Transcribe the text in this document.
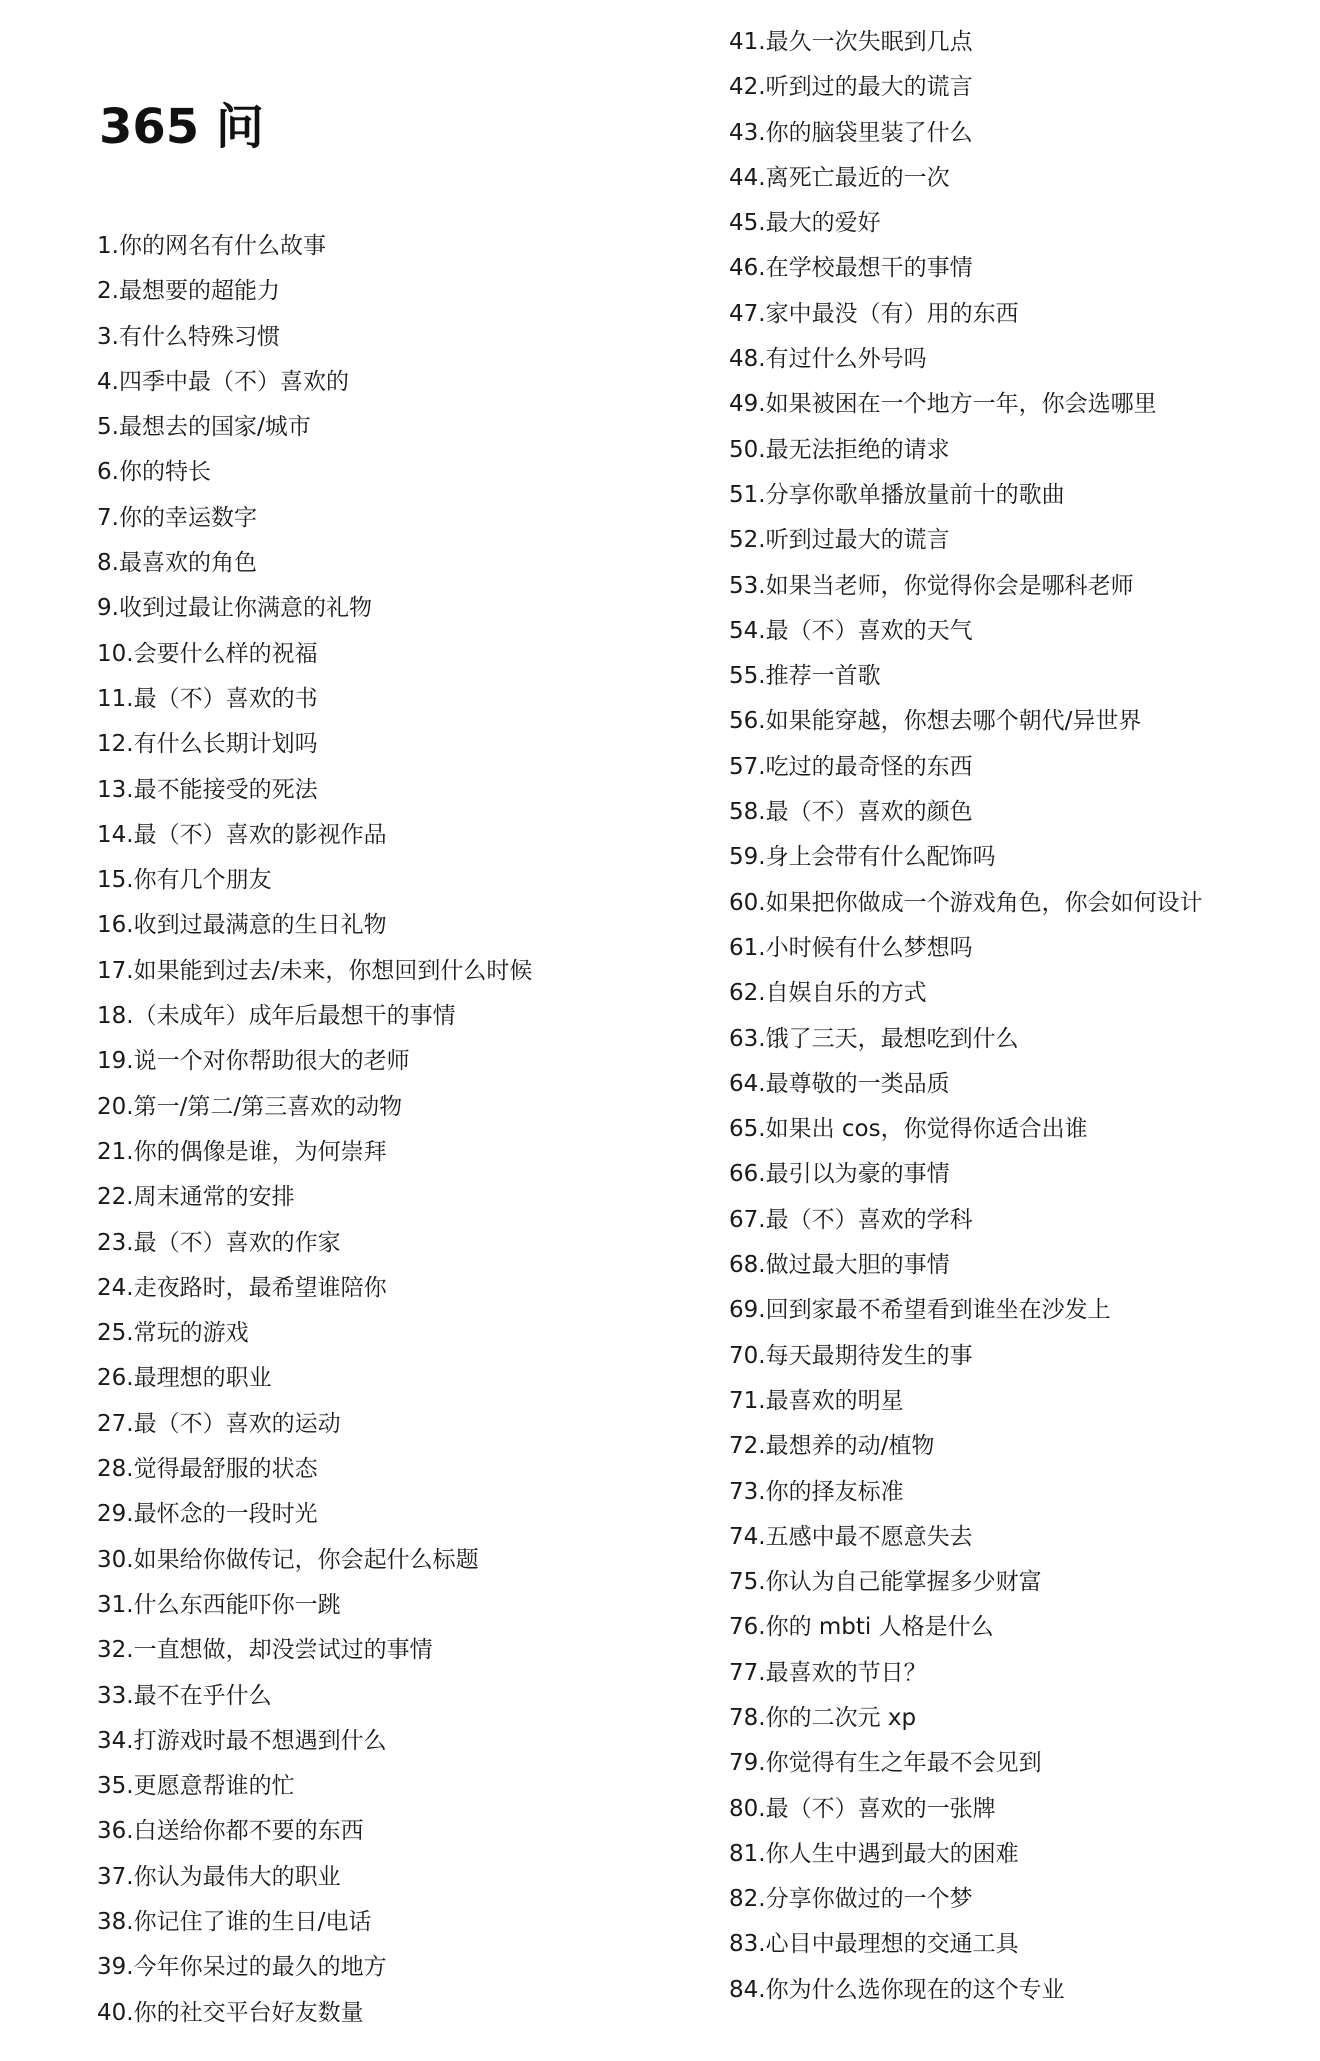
365 问
1.你的网名有什么故事
2.最想要的超能力
3.有什么特殊习惯
4.四季中最（不）喜欢的
5.最想去的国家/城市
6.你的特长
7.你的幸运数字
8.最喜欢的角色
9.收到过最让你满意的礼物
10.会要什么样的祝福
11.最（不）喜欢的书
12.有什么长期计划吗
13.最不能接受的死法
14.最（不）喜欢的影视作品
15.你有几个朋友
16.收到过最满意的生日礼物
17.如果能到过去/未来，你想回到什么时候
18.（未成年）成年后最想干的事情
19.说一个对你帮助很大的老师
20.第一/第二/第三喜欢的动物
21.你的偶像是谁，为何崇拜
22.周末通常的安排
23.最（不）喜欢的作家
24.走夜路时，最希望谁陪你
25.常玩的游戏
26.最理想的职业
27.最（不）喜欢的运动
28.觉得最舒服的状态
29.最怀念的一段时光
30.如果给你做传记，你会起什么标题
31.什么东西能吓你一跳
32.一直想做，却没尝试过的事情
33.最不在乎什么
34.打游戏时最不想遇到什么
35.更愿意帮谁的忙
36.白送给你都不要的东西
37.你认为最伟大的职业
38.你记住了谁的生日/电话
39.今年你呆过的最久的地方
40.你的社交平台好友数量
41.最久一次失眠到几点
42.听到过的最大的谎言
43.你的脑袋里装了什么
44.离死亡最近的一次
45.最大的爱好
46.在学校最想干的事情
47.家中最没（有）用的东西
48.有过什么外号吗
49.如果被困在一个地方一年，你会选哪里
50.最无法拒绝的请求
51.分享你歌单播放量前十的歌曲
52.听到过最大的谎言
53.如果当老师，你觉得你会是哪科老师
54.最（不）喜欢的天气
55.推荐一首歌
56.如果能穿越，你想去哪个朝代/异世界
57.吃过的最奇怪的东西
58.最（不）喜欢的颜色
59.身上会带有什么配饰吗
60.如果把你做成一个游戏角色，你会如何设计
61.小时候有什么梦想吗
62.自娱自乐的方式
63.饿了三天，最想吃到什么
64.最尊敬的一类品质
65.如果出 cos，你觉得你适合出谁
66.最引以为豪的事情
67.最（不）喜欢的学科
68.做过最大胆的事情
69.回到家最不希望看到谁坐在沙发上
70.每天最期待发生的事
71.最喜欢的明星
72.最想养的动/植物
73.你的择友标准
74.五感中最不愿意失去
75.你认为自己能掌握多少财富
76.你的 mbti 人格是什么
77.最喜欢的节日？
78.你的二次元 xp
79.你觉得有生之年最不会见到
80.最（不）喜欢的一张牌
81.你人生中遇到最大的困难
82.分享你做过的一个梦
83.心目中最理想的交通工具
84.你为什么选你现在的这个专业
